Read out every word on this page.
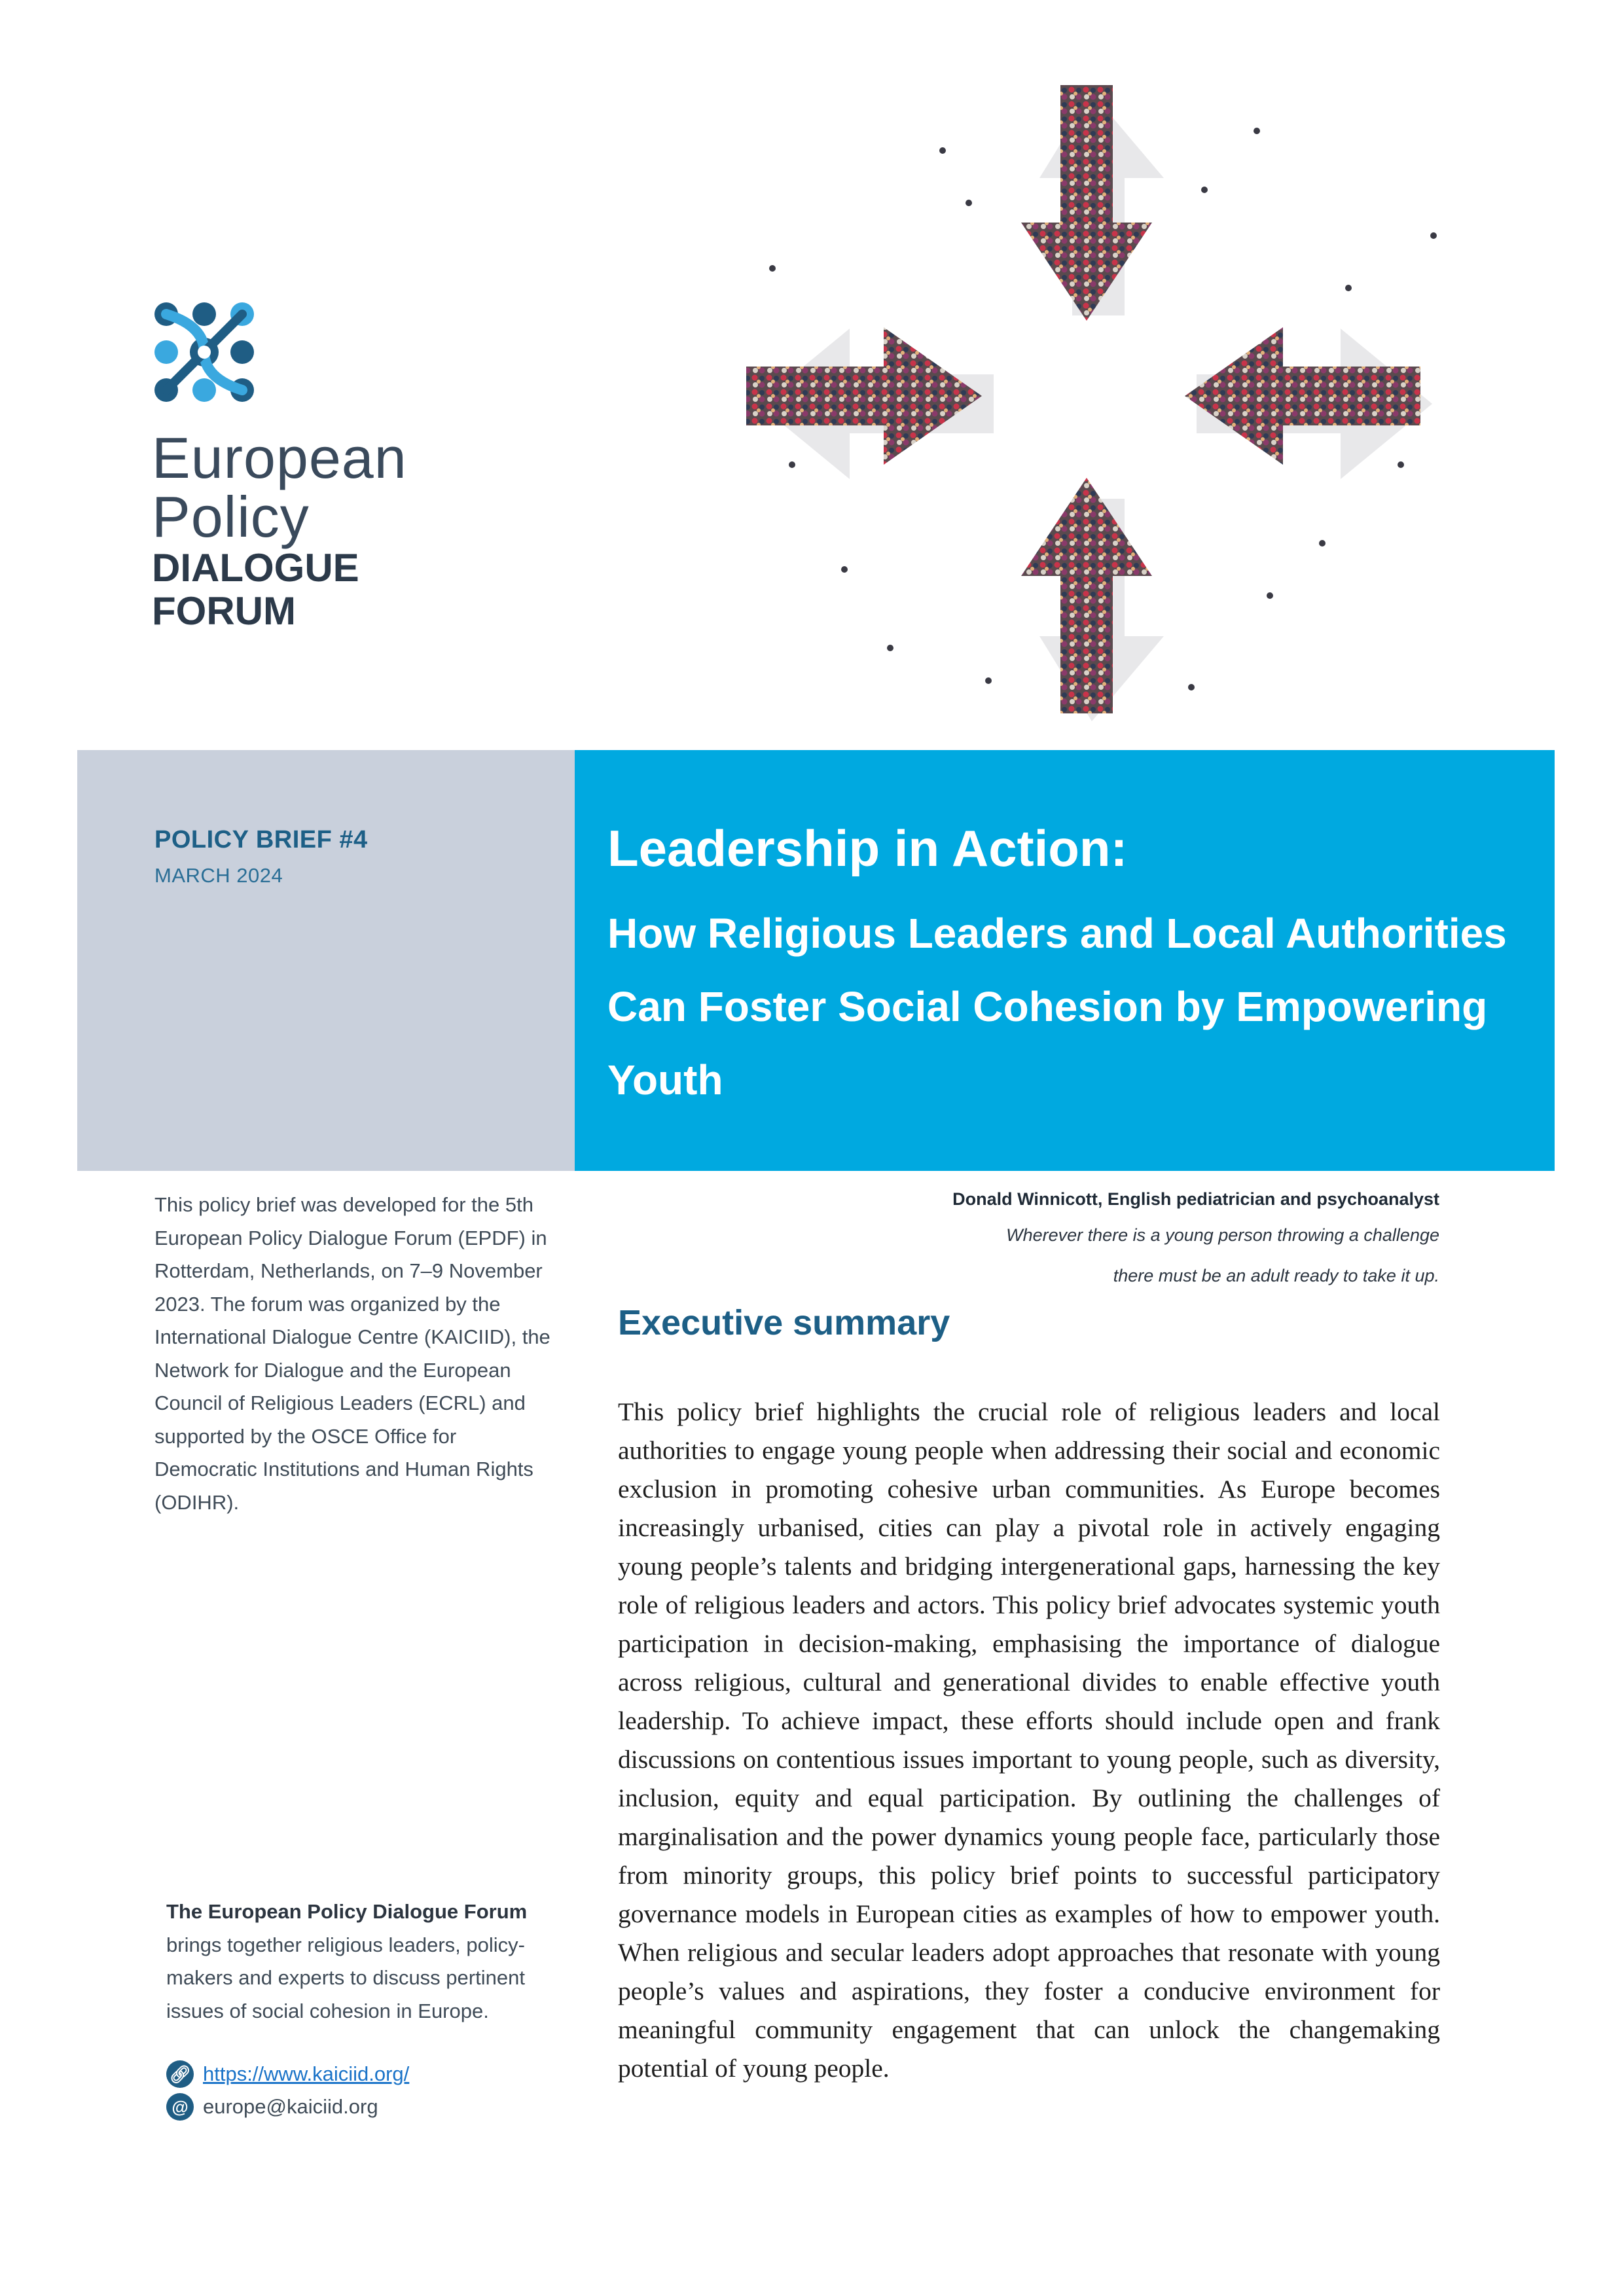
European
Policy
DIALOGUE
FORUM
POLICY BRIEF #4
MARCH 2024	Leadership in Action:
How Religious Leaders and Local Authorities Can Foster Social Cohesion by Empowering Youth
This policy brief was developed for the 5th European Policy Dialogue Forum (EPDF) in Rotterdam, Netherlands, on 7–9 November 2023. The forum was organized by the International Dialogue Centre (KAICIID), the Network for Dialogue and the European Council of Religious Leaders (ECRL) and supported by the OSCE Office for Democratic Institutions and Human Rights (ODIHR).
The European Policy Dialogue Forum brings together religious leaders, policy-makers and experts to discuss pertinent issues of social cohesion in Europe.
🔗︎ https://www.kaiciid.org/
@ europe@kaiciid.org
Donald Winnicott, English pediatrician and psychoanalyst
Wherever there is a young person throwing a challenge
there must be an adult ready to take it up.
Executive summary
This policy brief highlights the crucial role of religious leaders and local authorities to engage young people when addressing their social and economic exclusion in promoting cohesive urban communities. As Europe becomes increasingly urbanised, cities can play a pivotal role in actively engaging young people’s talents and bridging intergenerational gaps, harnessing the key role of religious leaders and actors. This policy brief advocates systemic youth participation in decision-making, emphasising the importance of dialogue across religious, cultural and generational divides to enable effective youth leadership. To achieve impact, these efforts should include open and frank discussions on contentious issues important to young people, such as diversity, inclusion, equity and equal participation. By outlining the challenges of marginalisation and the power dynamics young people face, particularly those from minority groups, this policy brief points to successful participatory governance models in European cities as examples of how to empower youth. When religious and secular leaders adopt approaches that resonate with young people’s values and aspirations, they foster a conducive environment for meaningful community engagement that can unlock the changemaking potential of young people.
